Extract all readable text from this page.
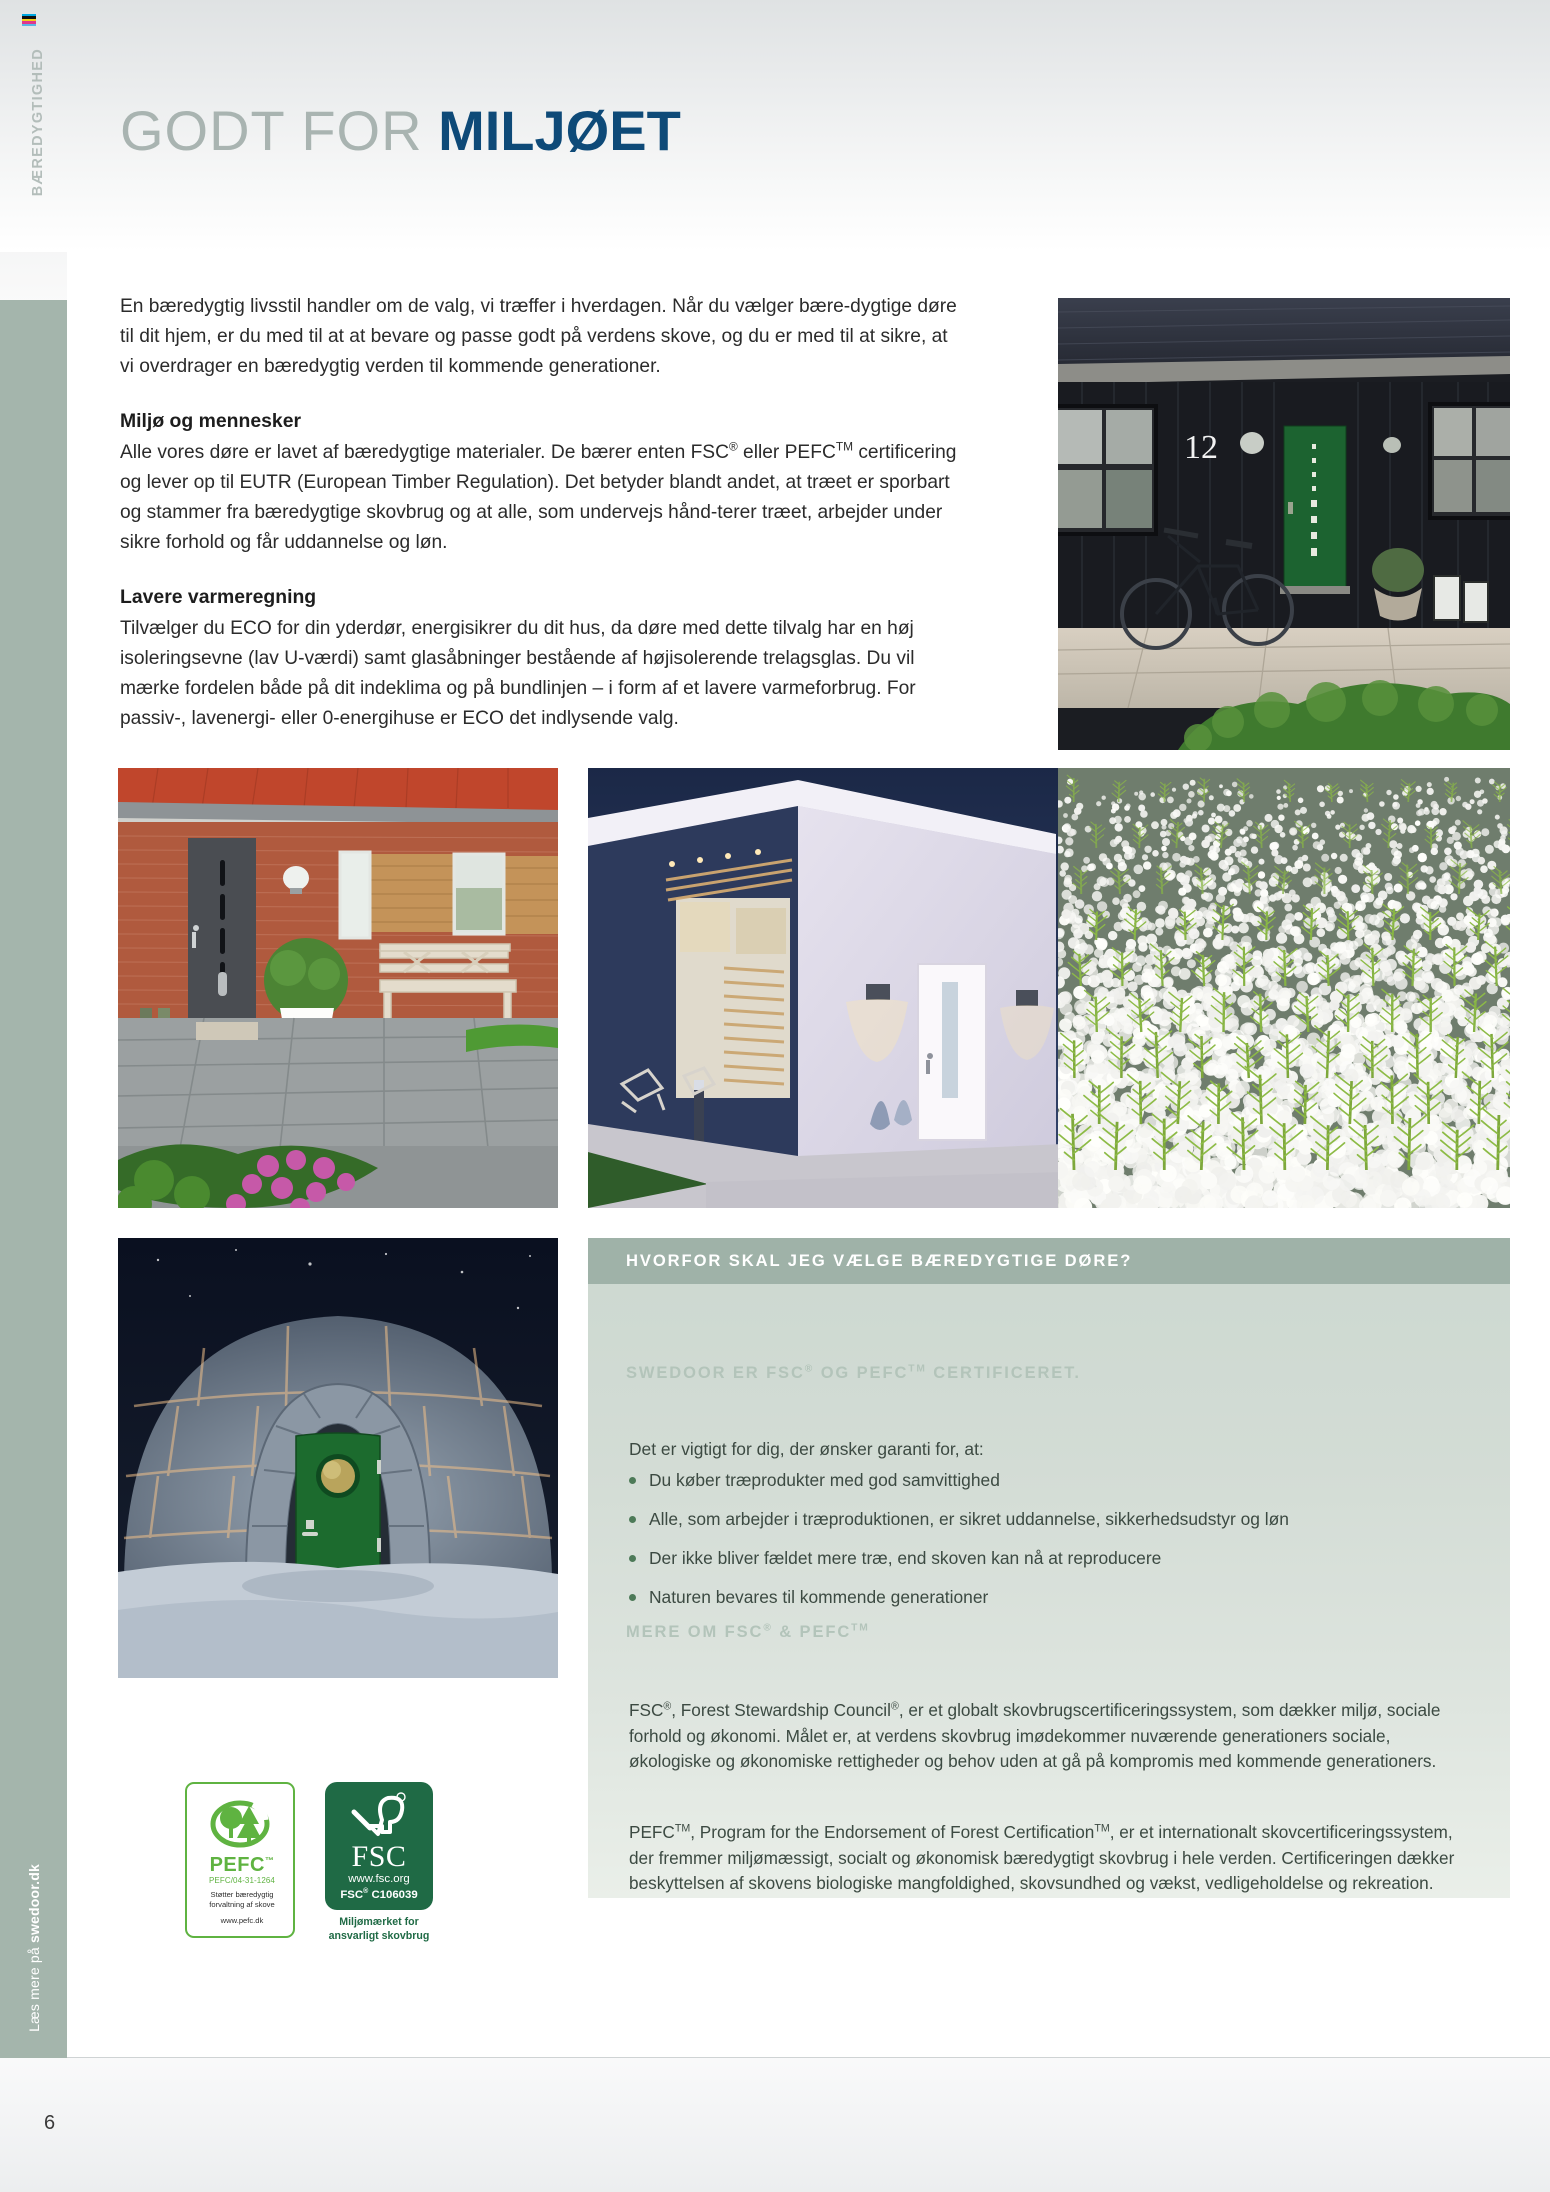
BÆREDYGTIGHED GODT FOR MILJØET
Læs mere på swedoor.dk

En bæredygtig livsstil handler om de valg, vi træffer i hverdagen. Når du vælger bære-dygtige døre til dit hjem, er du med til at at bevare og passe godt på verdens skove, og du er med til at sikre, at vi overdrager en bæredygtig verden til kommende generationer.

Miljø og mennesker

Alle vores døre er lavet af bæredygtige materialer. De bærer enten FSC® eller PEFC™ certificering og lever op til EUTR (European Timber Regulation). Det betyder blandt andet, at træet er sporbart og stammer fra bæredygtige skovbrug og at alle, som undervejs hånd-terer træet, arbejder under sikre forhold og får uddannelse og løn.

Lavere varmeregning

Tilvælger du ECO for din yderdør, energisikrer du dit hus, da døre med dette tilvalg har en høj isoleringsevne (lav U-værdi) samt glasåbninger bestående af højisolerende trelagsglas. Du vil mærke fordelen både på dit indeklima og på bundlinjen – i form af et lavere varmeforbrug. For passiv-, lavenergi- eller 0-energihuse er ECO det indlysende valg.

12
HVORFOR SKAL JEG VÆLGE BÆREDYGTIGE DØRE?
SWEDOOR ER FSC® OG PEFC™ CERTIFICERET.
Det er vigtigt for dig, der ønsker garanti for, at:
Du køber træprodukter med god samvittighed
Alle, som arbejder i træproduktionen, er sikret uddannelse, sikkerhedsudstyr og løn
Der ikke bliver fældet mere træ, end skoven kan nå at reproducere
Naturen bevares til kommende generationer
MERE OM FSC® & PEFC™

FSC®, Forest Stewardship Council®, er et globalt skovbrugscertificeringssystem, som dækker miljø, sociale forhold og økonomi. Målet er, at verdens skovbrug imødekommer nuværende generationers sociale, økologiske og økonomiske rettigheder og behov uden at gå på kompromis med kommende generationers.

PEFC™, Program for the Endorsement of Forest Certification™, er et internationalt skovcertificeringssystem, der fremmer miljømæssigt, socialt og økonomisk bæredygtigt skovbrug i hele verden. Certificeringen dækker beskyttelsen af skovens biologiske mangfoldighed, skovsundhed og vækst, vedligeholdelse og rekreation.

PEFC™
PEFC/04-31-1264
Støtter bæredygtig
forvaltning af skove
www.pefc.dk
FSC
www.fsc.org
FSC® C106039
Miljømærket for
ansvarligt skovbrug
6
